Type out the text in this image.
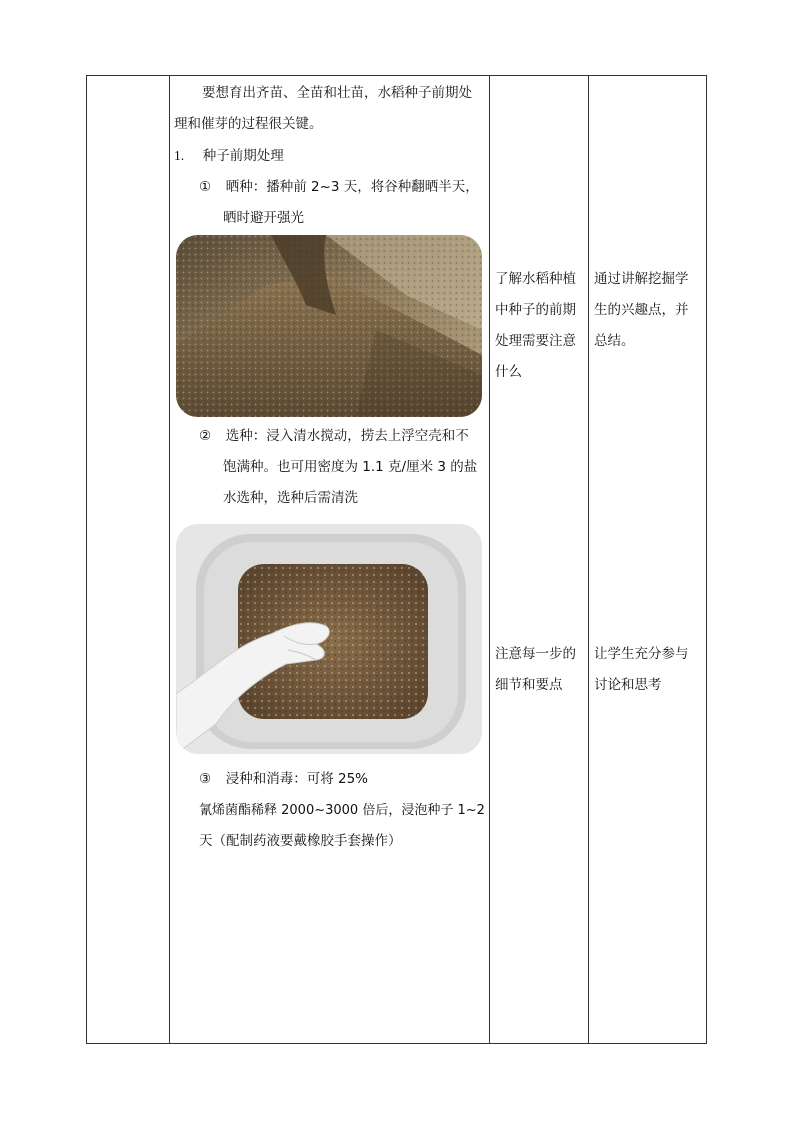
要想育出齐苗、全苗和壮苗，水稻种子前期处
理和催芽的过程很关键。
1. 种子前期处理
① 晒种：播种前 2~3 天，将谷种翻晒半天，
晒时避开强光
② 选种：浸入清水搅动，捞去上浮空壳和不
饱满种。也可用密度为 1.1 克/厘米 3 的盐
水选种，选种后需清洗
③ 浸种和消毒：可将 25%
氰烯菌酯稀释 2000~3000 倍后，浸泡种子 1~2
天（配制药液要戴橡胶手套操作）
了解水稻种植
中种子的前期
处理需要注意
什么
注意每一步的
细节和要点
通过讲解挖掘学
生的兴趣点，并
总结。
让学生充分参与
讨论和思考
